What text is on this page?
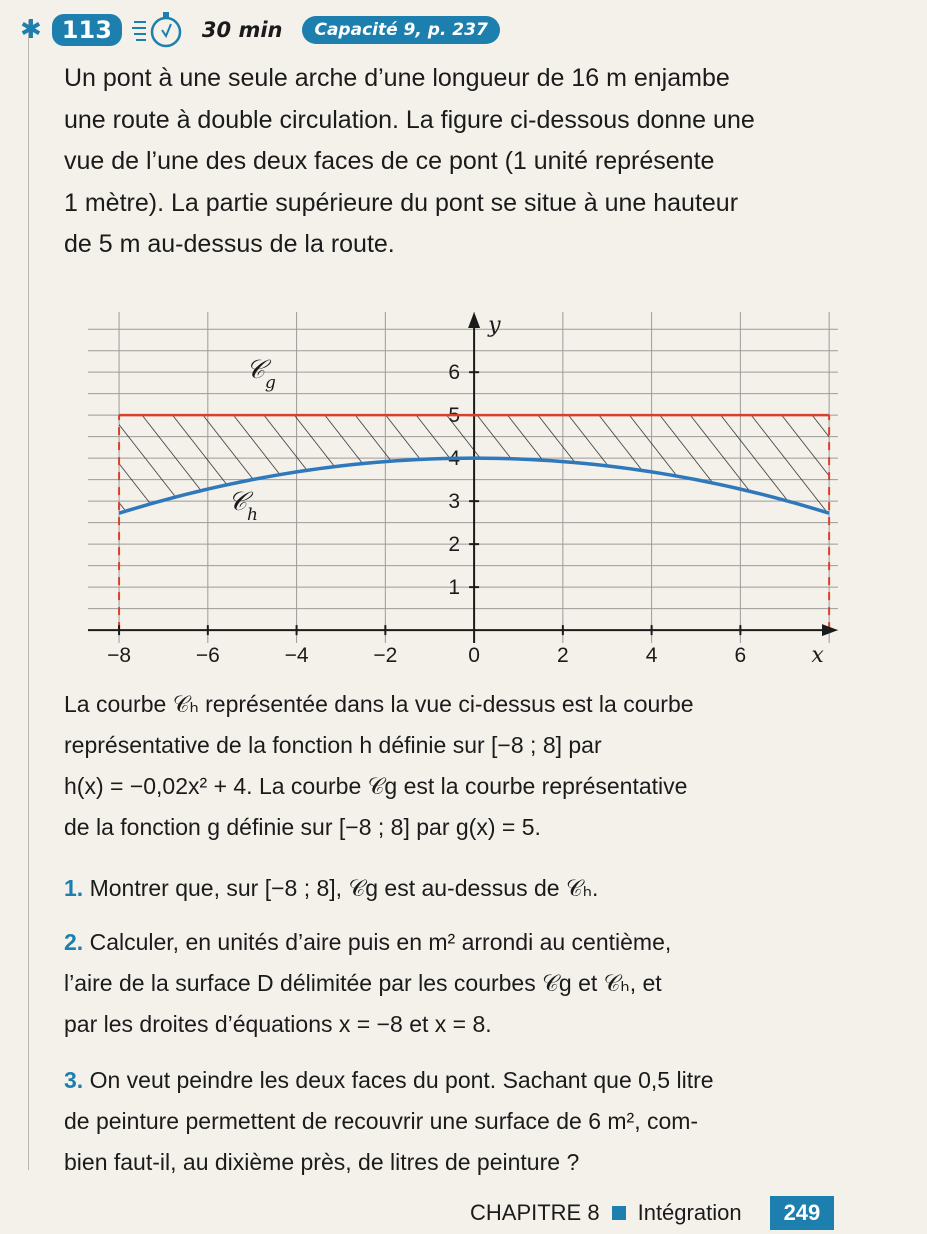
✱ 113	30 min	Capacité 9, p. 237
Un pont à une seule arche d’une longueur de 16 m enjambe
une route à double circulation. La figure ci-dessous donne une
vue de l’une des deux faces de ce pont (1 unité représente
1 mètre). La partie supérieure du pont se situe à une hauteur
de 5 m au-dessus de la route.
−8	−6	−4	−2	0	2	4	6
1
2
3
4
5
6
x
y
𝒞$_g$
𝒞$_h$
La courbe 𝒞ₕ représentée dans la vue ci-dessus est la courbe
représentative de la fonction h définie sur [−8 ; 8] par
h(x) = −0,02x² + 4. La courbe 𝒞g est la courbe représentative
de la fonction g définie sur [−8 ; 8] par g(x) = 5.
1. Montrer que, sur [−8 ; 8], 𝒞g est au-dessus de 𝒞ₕ.
2. Calculer, en unités d’aire puis en m² arrondi au centième,
l’aire de la surface D délimitée par les courbes 𝒞g et 𝒞ₕ, et
par les droites d’équations x = −8 et x = 8.
3. On veut peindre les deux faces du pont. Sachant que 0,5 litre
de peinture permettent de recouvrir une surface de 6 m², com-
bien faut-il, au dixième près, de litres de peinture ?
CHAPITRE 8 Intégration	249
